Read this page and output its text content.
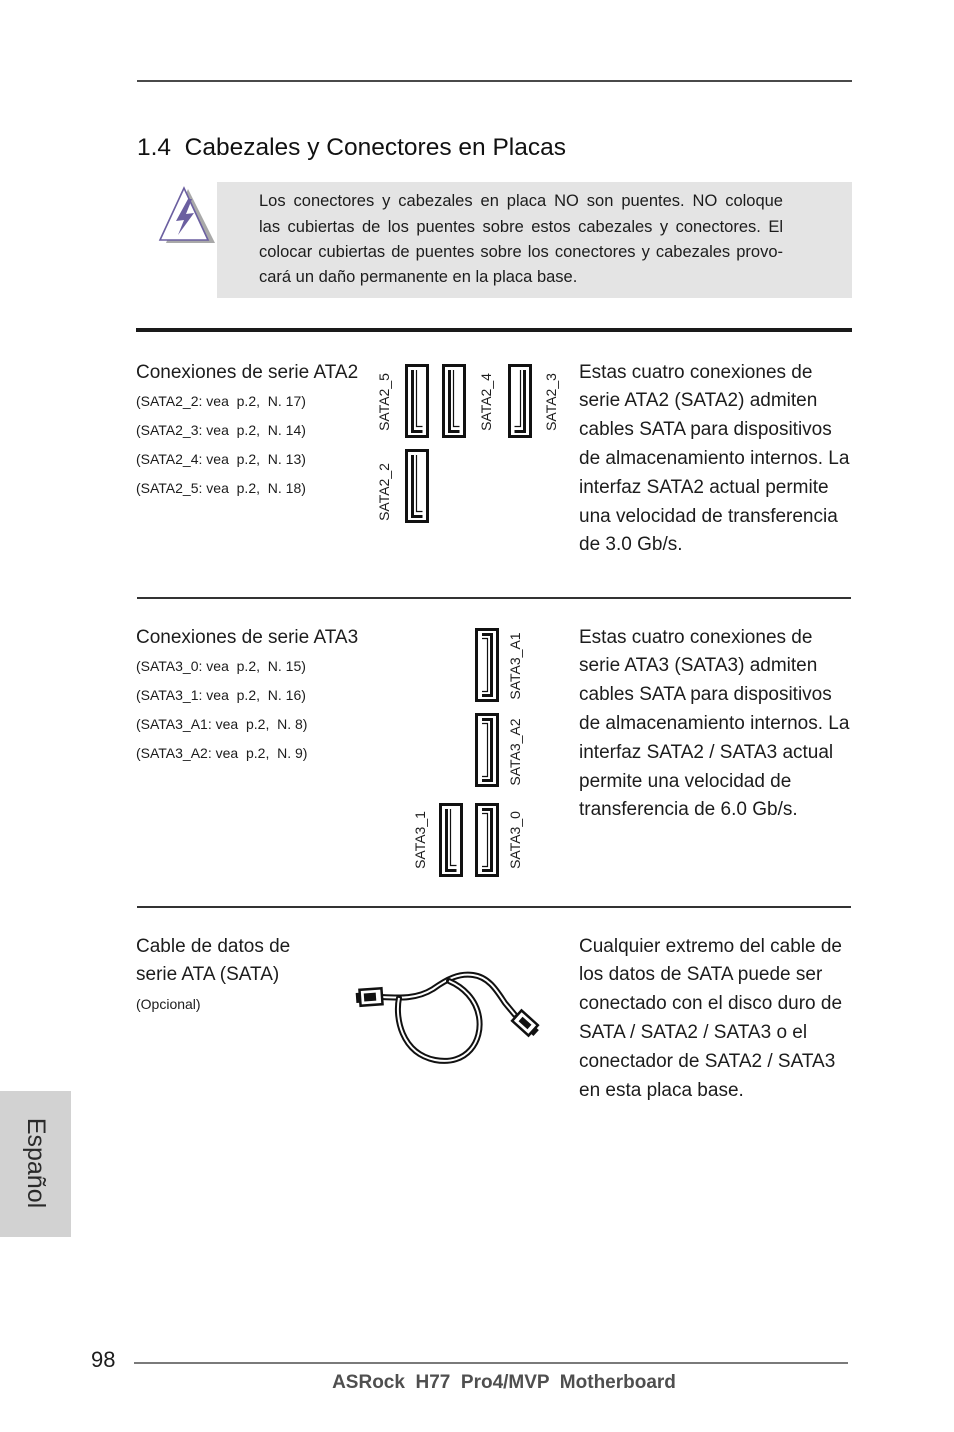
1.4  Cabezales y Conectores en Placas
Los conectores y cabezales en placa NO son puentes. NO coloque
las cubiertas de los puentes sobre estos cabezales y conectores. El
colocar cubiertas de puentes sobre los conectores y cabezales provo-
cará un daño permanente en la placa base.
Conexiones de serie ATA2
(SATA2_2: vea  p.2,  N. 17)
(SATA2_3: vea  p.2,  N. 14)
(SATA2_4: vea  p.2,  N. 13)
(SATA2_5: vea  p.2,  N. 18)
SATA2_5	SATA2_4	SATA2_3
SATA2_2
Estas cuatro conexiones de
serie ATA2 (SATA2) admiten
cables SATA para dispositivos
de almacenamiento internos. La
interfaz SATA2 actual permite
una velocidad de transferencia
de 3.0 Gb/s.
Conexiones de serie ATA3
(SATA3_0: vea  p.2,  N. 15)
(SATA3_1: vea  p.2,  N. 16)
(SATA3_A1: vea  p.2,  N. 8)
(SATA3_A2: vea  p.2,  N. 9)
SATA3_A1
SATA3_A2
SATA3_1	SATA3_0
Estas cuatro conexiones de
serie ATA3 (SATA3) admiten
cables SATA para dispositivos
de almacenamiento internos. La
interfaz SATA2 / SATA3 actual
permite una velocidad de
transferencia de 6.0 Gb/s.
Cable de datos de
serie ATA (SATA)
(Opcional)
Cualquier extremo del cable de
los datos de SATA puede ser
conectado con el disco duro de
SATA / SATA2 / SATA3 o el
conectador de SATA2 / SATA3
en esta placa base.
Español
98
ASRock  H77  Pro4/MVP  Motherboard
